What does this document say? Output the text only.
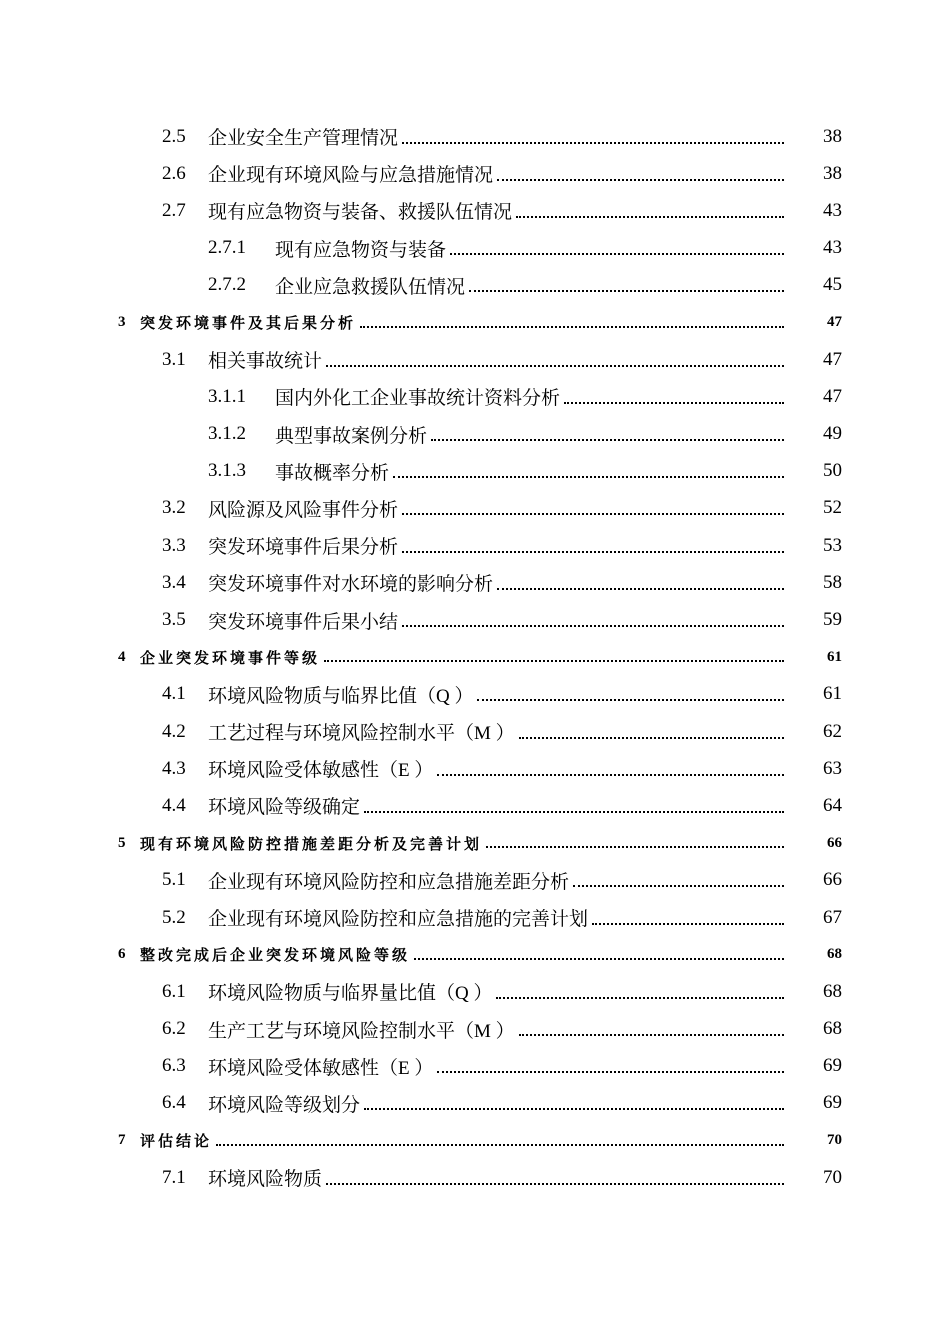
2.5	企业安全生产管理情况	38
2.6	企业现有环境风险与应急措施情况	38
2.7	现有应急物资与装备、救援队伍情况	43
2.7.1	现有应急物资与装备	43
2.7.2	企业应急救援队伍情况	45
3 突发环境事件及其后果分析	47
3.1	相关事故统计	47
3.1.1	国内外化工企业事故统计资料分析	47
3.1.2	典型事故案例分析	49
3.1.3	事故概率分析	50
3.2	风险源及风险事件分析	52
3.3	突发环境事件后果分析	53
3.4	突发环境事件对水环境的影响分析	58
3.5	突发环境事件后果小结	59
4 企业突发环境事件等级	61
4.1	环境风险物质与临界比值（Q ）	61
4.2	工艺过程与环境风险控制水平（M ）	62
4.3	环境风险受体敏感性（E ）	63
4.4	环境风险等级确定	64
5 现有环境风险防控措施差距分析及完善计划	66
5.1	企业现有环境风险防控和应急措施差距分析	66
5.2	企业现有环境风险防控和应急措施的完善计划	67
6 整改完成后企业突发环境风险等级	68
6.1	环境风险物质与临界量比值（Q ）	68
6.2	生产工艺与环境风险控制水平（M ）	68
6.3	环境风险受体敏感性（E ）	69
6.4	环境风险等级划分	69
7 评估结论	70
7.1	环境风险物质	70
